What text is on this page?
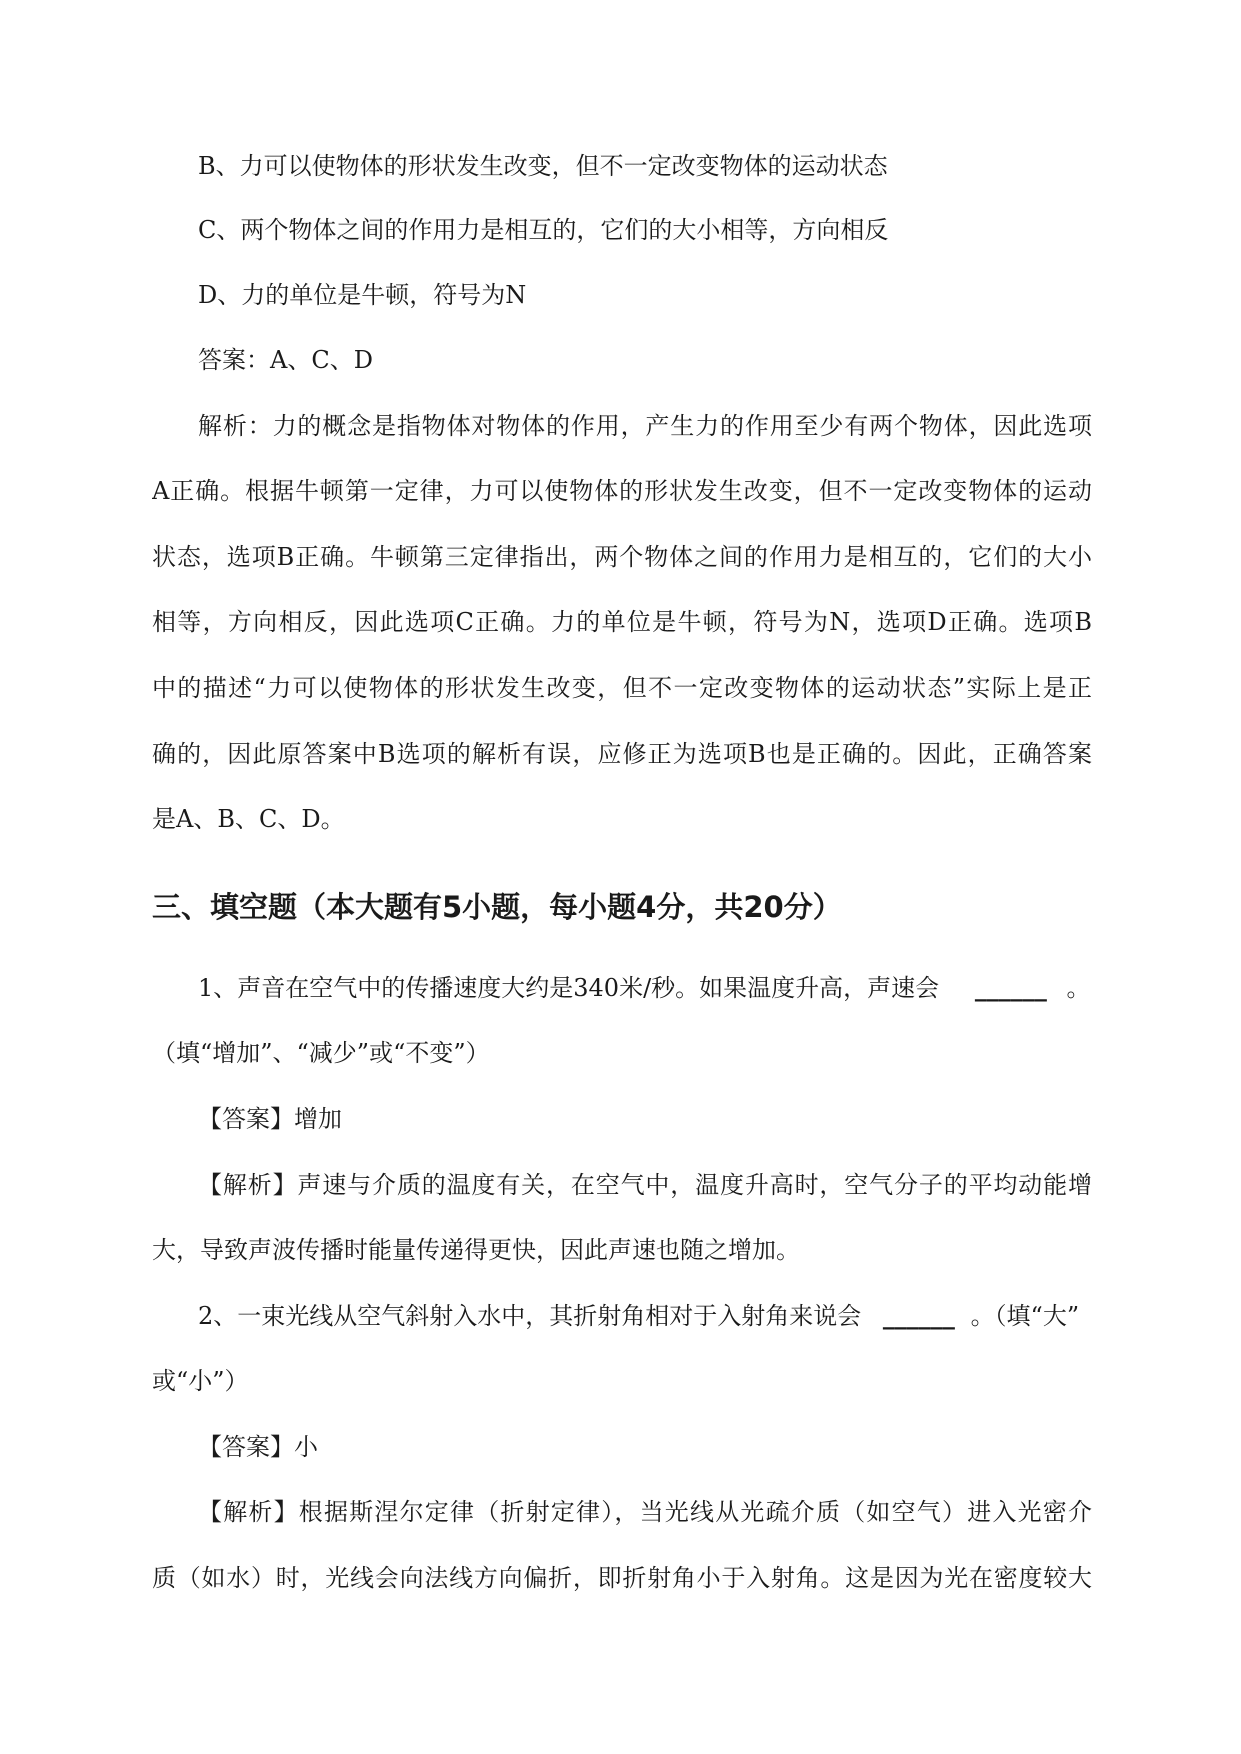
B、力可以使物体的形状发生改变，但不一定改变物体的运动状态
C、两个物体之间的作用力是相互的，它们的大小相等，方向相反
D、力的单位是牛顿，符号为N
答案：A、C、D
解析：力的概念是指物体对物体的作用，产生力的作用至少有两个物体，因此选项
A正确。根据牛顿第一定律，力可以使物体的形状发生改变，但不一定改变物体的运动
状态，选项B正确。牛顿第三定律指出，两个物体之间的作用力是相互的，它们的大小
相等，方向相反，因此选项C正确。力的单位是牛顿，符号为N，选项D正确。选项B
中的描述“力可以使物体的形状发生改变，但不一定改变物体的运动状态”实际上是正
确的，因此原答案中B选项的解析有误，应修正为选项B也是正确的。因此，正确答案
是A、B、C、D。
三、填空题（本大题有5小题，每小题4分，共20分）
1、声音在空气中的传播速度大约是340米/秒。如果温度升高，声速会 ______ 。
（填“增加”、“减少”或“不变”）
【答案】增加
【解析】声速与介质的温度有关，在空气中，温度升高时，空气分子的平均动能增
大，导致声波传播时能量传递得更快，因此声速也随之增加。
2、一束光线从空气斜射入水中，其折射角相对于入射角来说会 ______ 。（填“大”
或“小”）
【答案】小
【解析】根据斯涅尔定律（折射定律），当光线从光疏介质（如空气）进入光密介
质（如水）时，光线会向法线方向偏折，即折射角小于入射角。这是因为光在密度较大
